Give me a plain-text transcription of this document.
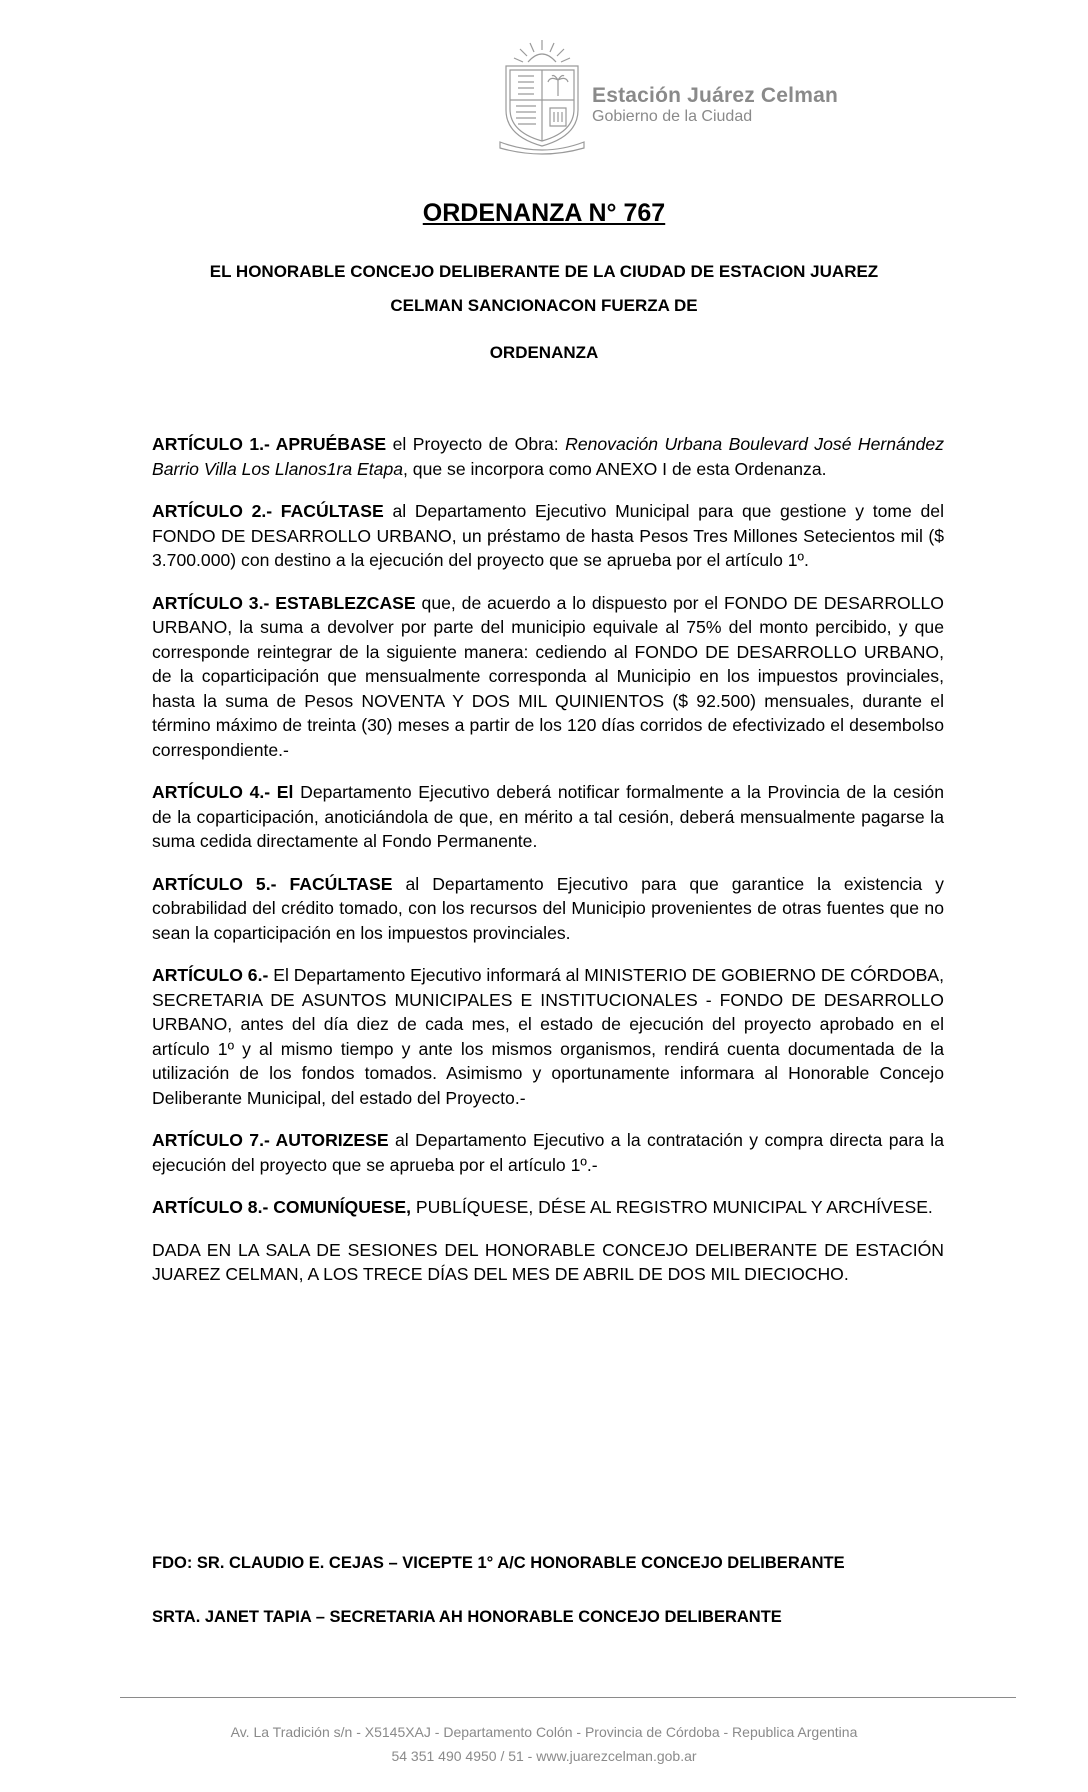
Estación Juárez Celman
Gobierno de la Ciudad
ORDENANZA N° 767
EL HONORABLE CONCEJO DELIBERANTE DE LA CIUDAD DE ESTACION JUAREZ
CELMAN SANCIONACON FUERZA DE
ORDENANZA

ARTÍCULO 1.- APRUÉBASE el Proyecto de Obra: Renovación Urbana Boulevard José Hernández Barrio Villa Los Llanos1ra Etapa, que se incorpora como ANEXO I de esta Ordenanza.

ARTÍCULO 2.- FACÚLTASE al Departamento Ejecutivo Municipal para que gestione y tome del FONDO DE DESARROLLO URBANO, un préstamo de hasta Pesos Tres Millones Setecientos mil ($ 3.700.000) con destino a la ejecución del proyecto que se aprueba por el artículo 1º.

ARTÍCULO 3.- ESTABLEZCASE que, de acuerdo a lo dispuesto por el FONDO DE DESARROLLO URBANO, la suma a devolver por parte del municipio equivale al 75% del monto percibido, y que corresponde reintegrar de la siguiente manera: cediendo al FONDO DE DESARROLLO URBANO, de la coparticipación que mensualmente corresponda al Municipio en los impuestos provinciales, hasta la suma de Pesos NOVENTA Y DOS MIL QUINIENTOS ($ 92.500) mensuales, durante el término máximo de treinta (30) meses a partir de los 120 días corridos de efectivizado el desembolso correspondiente.-

ARTÍCULO 4.- El Departamento Ejecutivo deberá notificar formalmente a la Provincia de la cesión de la coparticipación, anoticiándola de que, en mérito a tal cesión, deberá mensualmente pagarse la suma cedida directamente al Fondo Permanente.

ARTÍCULO 5.- FACÚLTASE al Departamento Ejecutivo para que garantice la existencia y cobrabilidad del crédito tomado, con los recursos del Municipio provenientes de otras fuentes que no sean la coparticipación en los impuestos provinciales.

ARTÍCULO 6.- El Departamento Ejecutivo informará al MINISTERIO DE GOBIERNO DE CÓRDOBA, SECRETARIA DE ASUNTOS MUNICIPALES E INSTITUCIONALES - FONDO DE DESARROLLO URBANO, antes del día diez de cada mes, el estado de ejecución del proyecto aprobado en el artículo 1º y al mismo tiempo y ante los mismos organismos, rendirá cuenta documentada de la utilización de los fondos tomados. Asimismo y oportunamente informara al Honorable Concejo Deliberante Municipal, del estado del Proyecto.-

ARTÍCULO 7.- AUTORIZESE al Departamento Ejecutivo a la contratación y compra directa para la ejecución del proyecto que se aprueba por el artículo 1º.-

ARTÍCULO 8.- COMUNÍQUESE, PUBLÍQUESE, DÉSE AL REGISTRO MUNICIPAL Y ARCHÍVESE.

DADA EN LA SALA DE SESIONES DEL HONORABLE CONCEJO DELIBERANTE DE ESTACIÓN JUAREZ CELMAN, A LOS TRECE DÍAS DEL MES DE ABRIL DE DOS MIL DIECIOCHO.

FDO: SR. CLAUDIO E. CEJAS – VICEPTE 1° A/C HONORABLE CONCEJO DELIBERANTE
SRTA. JANET TAPIA – SECRETARIA AH HONORABLE CONCEJO DELIBERANTE
Av. La Tradición s/n - X5145XAJ - Departamento Colón - Provincia de Córdoba - Republica Argentina
54 351 490 4950 / 51 - www.juarezcelman.gob.ar
